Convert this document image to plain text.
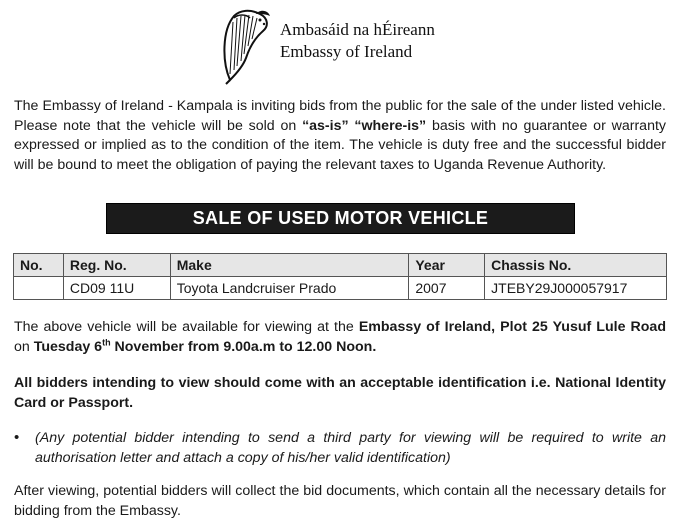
Ambasáid na hÉireann
Embassy of Ireland
The Embassy of Ireland - Kampala is inviting bids from the public for the sale of the under listed vehicle. Please note that the vehicle will be sold on “as-is” “where-is” basis with no guarantee or warranty expressed or implied as to the condition of the item. The vehicle is duty free and the successful bidder will be bound to meet the obligation of paying the relevant taxes to Uganda Revenue Authority.
SALE OF USED MOTOR VEHICLE
No.	Reg. No.	Make	Year	Chassis No.
	CD09 11U	Toyota Landcruiser Prado	2007	JTEBY29J000057917
The above vehicle will be available for viewing at the Embassy of Ireland, Plot 25 Yusuf Lule Road on Tuesday 6th November from 9.00a.m to 12.00 Noon.
All bidders intending to view should come with an acceptable identification i.e. National Identity Card or Passport.
• (Any potential bidder intending to send a third party for viewing will be required to write an authorisation letter and attach a copy of his/her valid identification)
After viewing, potential bidders will collect the bid documents, which contain all the necessary details for bidding from the Embassy.
